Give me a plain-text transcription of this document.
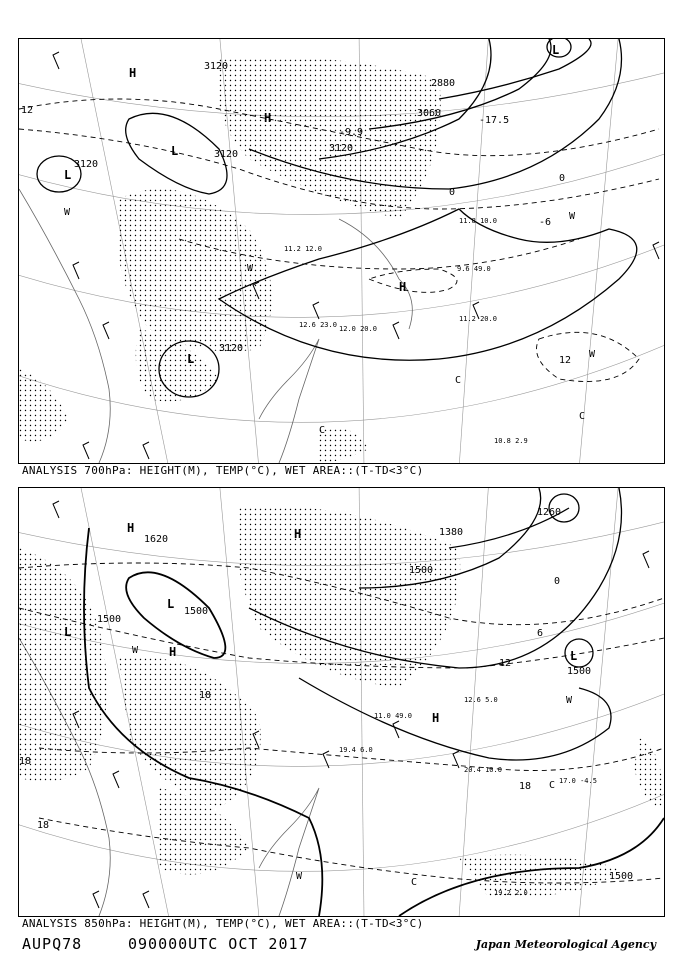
3120
3120
3120
3120
3120
3060
2880
H
H
H
L
L
L
L
W
W
W
W
C
C
C
12
12
0
0
-6
-9.9
-17.5
11.2 20.0
12.6 23.0
10.8 2.9
9.6 49.0
11.8 10.0
11.2 12.0
12.0 20.0
ANALYSIS 700hPa: HEIGHT(M), TEMP(°C), WET AREA::(T-TD<3°C)
1500
1500
1500
1500
1500
1380
1260
1620
H	H
H
H
L
L
L
W
W
W
C
C
18
18
18
18
0
6
12
20.4 10.0
19.2 2.0
19.4 6.0
17.0 -4.5
12.6 5.0
11.0 49.0
ANALYSIS 850hPa: HEIGHT(M), TEMP(°C), WET AREA::(T-TD<3°C)
AUPQ78	090000UTC OCT 2017	Japan Meteorological Agency
